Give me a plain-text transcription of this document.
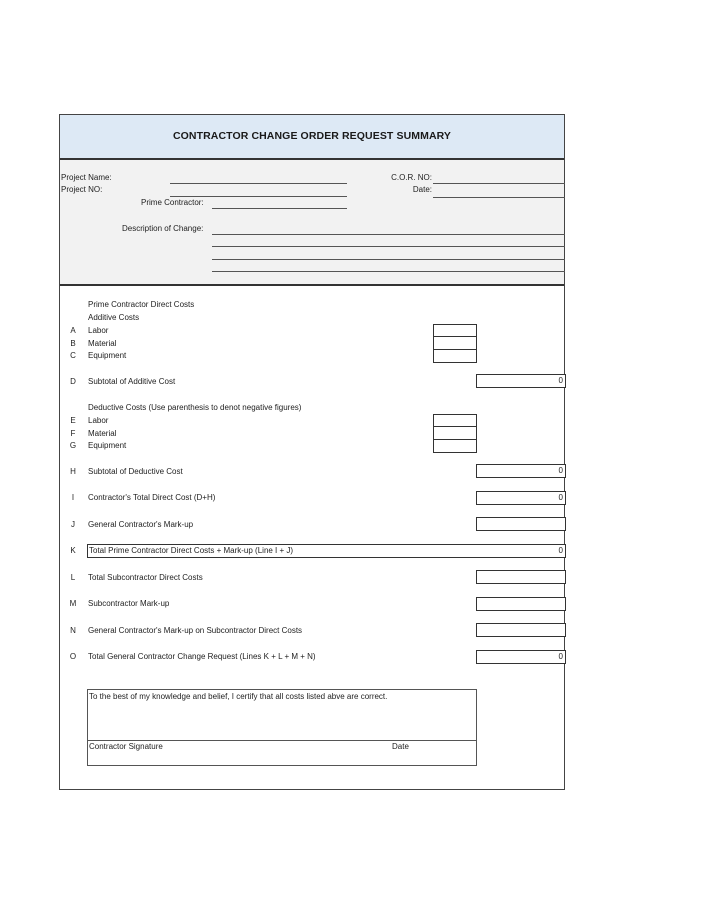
CONTRACTOR CHANGE ORDER REQUEST SUMMARY
Project Name:
Project NO:
C.O.R. NO:
Date:
Prime Contractor:
Description of Change:
Prime Contractor Direct Costs
Additive Costs
A	Labor
B	Material
C	Equipment
D	Subtotal of Additive Cost	0
Deductive Costs (Use parenthesis to denot negative figures)
E	Labor
F	Material
G	Equipment
H	Subtotal of Deductive Cost	0
I	Contractor's Total Direct Cost (D+H)	0
J	General Contractor's Mark-up
K	Total Prime Contractor Direct Costs + Mark-up (Line I + J)	0
L	Total Subcontractor Direct Costs
M	Subcontractor Mark-up
N	General Contractor's Mark-up on Subcontractor Direct Costs
O	Total General Contractor Change Request (Lines K + L + M + N)	0
To the best of my knowledge and belief, I certify that all costs listed abve are correct.
Contractor Signature	Date
